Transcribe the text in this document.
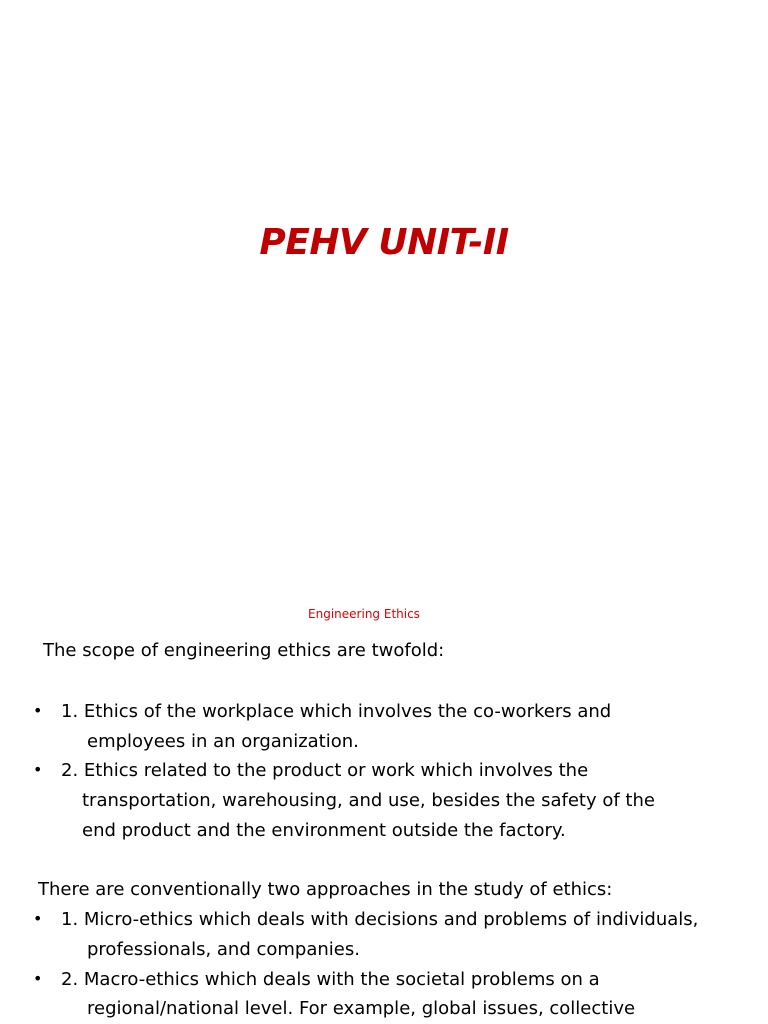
PEHV UNIT-II
Engineering Ethics

The scope of engineering ethics are twofold:

• 1. Ethics of the workplace which involves the co-workers and

employees in an organization.

• 2. Ethics related to the product or work which involves the

transportation, warehousing, and use, besides the safety of the

end product and the environment outside the factory.

There are conventionally two approaches in the study of ethics:

• 1. Micro-ethics which deals with decisions and problems of individuals,

professionals, and companies.

• 2. Macro-ethics which deals with the societal problems on a

regional/national level. For example, global issues, collective
